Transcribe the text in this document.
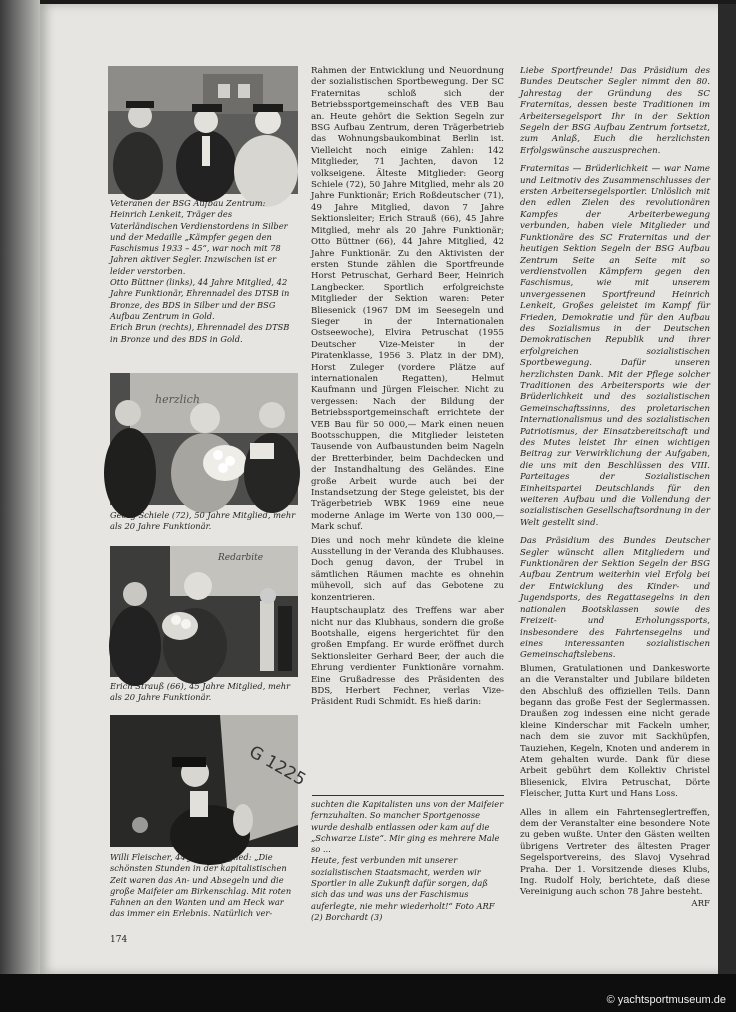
Veteranen der BSG Aufbau Zentrum: Heinrich Lenkeit, Träger des Vaterländischen Verdienstordens in Silber und der Medaille „Kämpfer gegen den Faschismus 1933 – 45“, war noch mit 78 Jahren aktiver Segler. Inzwischen ist er leider verstorben.

Otto Büttner (links), 44 Jahre Mitglied, 42 Jahre Funktionär, Ehrennadel des DTSB in Bronze, des BDS in Silber und der BSG Aufbau Zentrum in Gold.

Erich Brun (rechts), Ehrennadel des DTSB in Bronze und des BDS in Gold.

herzlich
Georg Schiele (72), 50 Jahre Mitglied, mehr als 20 Jahre Funktionär.
Redarbite
Erich Strauß (66), 45 Jahre Mitglied, mehr als 20 Jahre Funktionär.
G 1225
Willi Fleischer, 44 Jahre Mitglied: „Die schönsten Stunden in der kapitalistischen Zeit waren das An- und Absegeln und die große Maifeier am Birkenschlag. Mit roten Fahnen an den Wanten und am Heck war das immer ein Erlebnis. Natürlich ver-
174

Rahmen der Entwicklung und Neuordnung der sozialistischen Sportbewegung. Der SC Fraternitas schloß sich der Betriebssportgemeinschaft des VEB Bau an. Heute gehört die Sektion Segeln zur BSG Aufbau Zentrum, deren Trägerbetrieb das Wohnungsbaukombinat Berlin ist. Vielleicht noch einige Zahlen: 142 Mitglieder, 71 Jachten, davon 12 volkseigene. Älteste Mitglieder: Georg Schiele (72), 50 Jahre Mitglied, mehr als 20 Jahre Funktionär; Erich Roßdeutscher (71), 49 Jahre Mitglied, davon 7 Jahre Sektionsleiter; Erich Strauß (66), 45 Jahre Mitglied, mehr als 20 Jahre Funktionär; Otto Büttner (66), 44 Jahre Mitglied, 42 Jahre Funktionär. Zu den Aktivisten der ersten Stunde zählen die Sportfreunde Horst Petruschat, Gerhard Beer, Heinrich Langbecker. Sportlich erfolgreichste Mitglieder der Sektion waren: Peter Bliesenick (1967 DM im Seesegeln und Sieger in der Internationalen Ostseewoche), Elvira Petruschat (1955 Deutscher Vize-Meister in der Piratenklasse, 1956 3. Platz in der DM), Horst Zuleger (vordere Plätze auf internationalen Regatten), Helmut Kaufmann und Jürgen Fleischer. Nicht zu vergessen: Nach der Bildung der Betriebssportgemeinschaft errichtete der VEB Bau für 50 000,— Mark einen neuen Bootsschuppen, die Mitglieder leisteten Tausende von Aufbaustunden beim Nageln der Bretterbinder, beim Dachdecken und der Instandhaltung des Geländes. Eine große Arbeit wurde auch bei der Instandsetzung der Stege geleistet, bis der Trägerbetrieb WBK 1969 eine neue moderne Anlage im Werte von 130 000,— Mark schuf.

Dies und noch mehr kündete die kleine Ausstellung in der Veranda des Klubhauses. Doch genug davon, der Trubel in sämtlichen Räumen machte es ohnehin mühevoll, sich auf das Gebotene zu konzentrieren.

Hauptschauplatz des Treffens war aber nicht nur das Klubhaus, sondern die große Bootshalle, eigens hergerichtet für den großen Empfang. Er wurde eröffnet durch Sektionsleiter Gerhard Beer, der auch die Ehrung verdienter Funktionäre vornahm. Eine Grußadresse des Präsidenten des BDS, Herbert Fechner, verlas Vize-Präsident Rudi Schmidt. Es hieß darin:

suchten die Kapitalisten uns von der Maifeier fernzuhalten. So mancher Sportgenosse wurde deshalb entlassen oder kam auf die „Schwarze Liste“. Mir ging es mehrere Male so ...
Heute, fest verbunden mit unserer sozialistischen Staatsmacht, werden wir Sportler in alle Zukunft dafür sorgen, daß sich das und was uns der Faschismus auferlegte, nie mehr wiederholt!“ Foto ARF (2) Borchardt (3)

Liebe Sportfreunde! Das Präsidium des Bundes Deutscher Segler nimmt den 80. Jahrestag der Gründung des SC Fraternitas, dessen beste Traditionen im Arbeitersegelsport Ihr in der Sektion Segeln der BSG Aufbau Zentrum fortsetzt, zum Anlaß, Euch die herzlichsten Erfolgswünsche auszusprechen.

Fraternitas — Brüderlichkeit — war Name und Leitmotiv des Zusammenschlusses der ersten Arbeitersegelsportler. Unlöslich mit den edlen Zielen des revolutionären Kampfes der Arbeiterbewegung verbunden, haben viele Mitglieder und Funktionäre des SC Fraternitas und der heutigen Sektion Segeln der BSG Aufbau Zentrum Seite an Seite mit so verdienstvollen Kämpfern gegen den Faschismus, wie mit unserem unvergessenen Sportfreund Heinrich Lenkeit, Großes geleistet im Kampf für Frieden, Demokratie und für den Aufbau des Sozialismus in der Deutschen Demokratischen Republik und ihrer erfolgreichen sozialistischen Sportbewegung. Dafür unseren herzlichsten Dank. Mit der Pflege solcher Traditionen des Arbeitersports wie der Brüderlichkeit und des sozialistischen Gemeinschaftssinns, des proletarischen Internationalismus und des sozialistischen Patriotismus, der Einsatzbereitschaft und des Mutes leistet Ihr einen wichtigen Beitrag zur Verwirklichung der Aufgaben, die uns mit den Beschlüssen des VIII. Parteitages der Sozialistischen Einheitspartei Deutschlands für den weiteren Aufbau und die Vollendung der sozialistischen Gesellschaftsordnung in der Welt gestellt sind.

Das Präsidium des Bundes Deutscher Segler wünscht allen Mitgliedern und Funktionären der Sektion Segeln der BSG Aufbau Zentrum weiterhin viel Erfolg bei der Entwicklung des Kinder- und Jugendsports, des Regattasegelns in den nationalen Bootsklassen sowie des Freizeit- und Erholungssports, insbesondere des Fahrtensegelns und eines interessanten sozialistischen Gemeinschaftslebens.

Blumen, Gratulationen und Dankesworte an die Veranstalter und Jubilare bildeten den Abschluß des offiziellen Teils. Dann begann das große Fest der Seglermassen. Draußen zog indessen eine nicht gerade kleine Kinderschar mit Fackeln umher, nach dem sie zuvor mit Sackhüpfen, Tauziehen, Kegeln, Knoten und anderem in Atem gehalten wurde. Dank für diese Arbeit gebührt dem Kollektiv Christel Bliesenick, Elvira Petruschat, Dörte Fleischer, Jutta Kurt und Hans Loss.

Alles in allem ein Fahrtenseglertreffen, dem der Veranstalter eine besondere Note zu geben wußte. Unter den Gästen weilten übrigens Vertreter des ältesten Prager Segelsportvereins, des Slavoj Vysehrad Praha. Der 1. Vorsitzende dieses Klubs, Ing. Rudolf Holy, berichtete, daß diese Vereinigung auch schon 78 Jahre besteht.

ARF
© yachtsportmuseum.de
